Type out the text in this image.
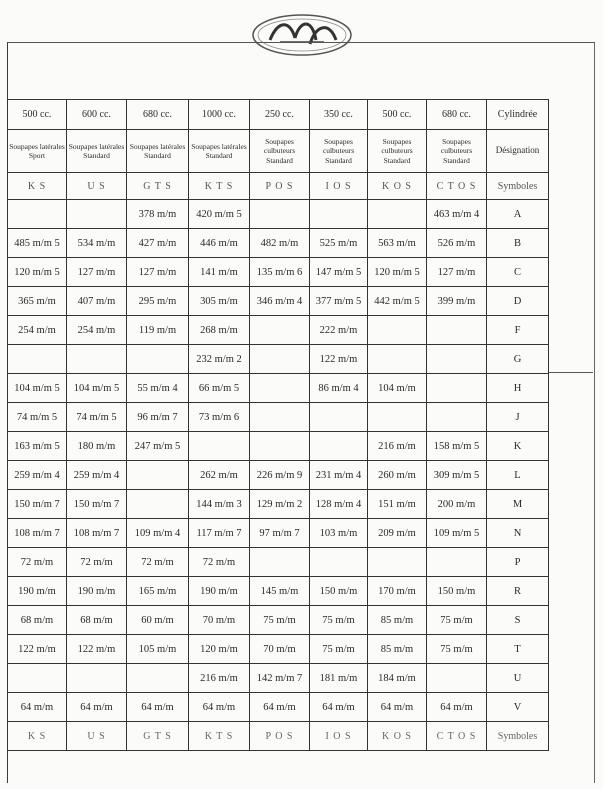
500 cc.	600 cc.	680 cc.	1000 cc.	250 cc.	350 cc.	500 cc.	680 cc.	Cylindrée
Soupapes latérales Sport	Soupapes latérales Standard	Soupapes latérales Standard	Soupapes latérales Standard	Soupapes culbuteurs Standard	Soupapes culbuteurs Standard	Soupapes culbuteurs Standard	Soupapes culbuteurs Standard	Désignation
K S	U S	G T S	K T S	P O S	I O S	K O S	C T O S	Symboles
		378 m/m	420 m/m 5				463 m/m 4	A
485 m/m 5	534 m/m	427 m/m	446 m/m	482 m/m	525 m/m	563 m/m	526 m/m	B
120 m/m 5	127 m/m	127 m/m	141 m/m	135 m/m 6	147 m/m 5	120 m/m 5	127 m/m	C
365 m/m	407 m/m	295 m/m	305 m/m	346 m/m 4	377 m/m 5	442 m/m 5	399 m/m	D
254 m/m	254 m/m	119 m/m	268 m/m		222 m/m			F
			232 m/m 2		122 m/m			G
104 m/m 5	104 m/m 5	55 m/m 4	66 m/m 5		86 m/m 4	104 m/m		H
74 m/m 5	74 m/m 5	96 m/m 7	73 m/m 6					J
163 m/m 5	180 m/m	247 m/m 5				216 m/m	158 m/m 5	K
259 m/m 4	259 m/m 4		262 m/m	226 m/m 9	231 m/m 4	260 m/m	309 m/m 5	L
150 m/m 7	150 m/m 7		144 m/m 3	129 m/m 2	128 m/m 4	151 m/m	200 m/m	M
108 m/m 7	108 m/m 7	109 m/m 4	117 m/m 7	97 m/m 7	103 m/m	209 m/m	109 m/m 5	N
72 m/m	72 m/m	72 m/m	72 m/m					P
190 m/m	190 m/m	165 m/m	190 m/m	145 m/m	150 m/m	170 m/m	150 m/m	R
68 m/m	68 m/m	60 m/m	70 m/m	75 m/m	75 m/m	85 m/m	75 m/m	S
122 m/m	122 m/m	105 m/m	120 m/m	70 m/m	75 m/m	85 m/m	75 m/m	T
			216 m/m	142 m/m 7	181 m/m	184 m/m		U
64 m/m	64 m/m	64 m/m	64 m/m	64 m/m	64 m/m	64 m/m	64 m/m	V
K S	U S	G T S	K T S	P O S	I O S	K O S	C T O S	Symboles
